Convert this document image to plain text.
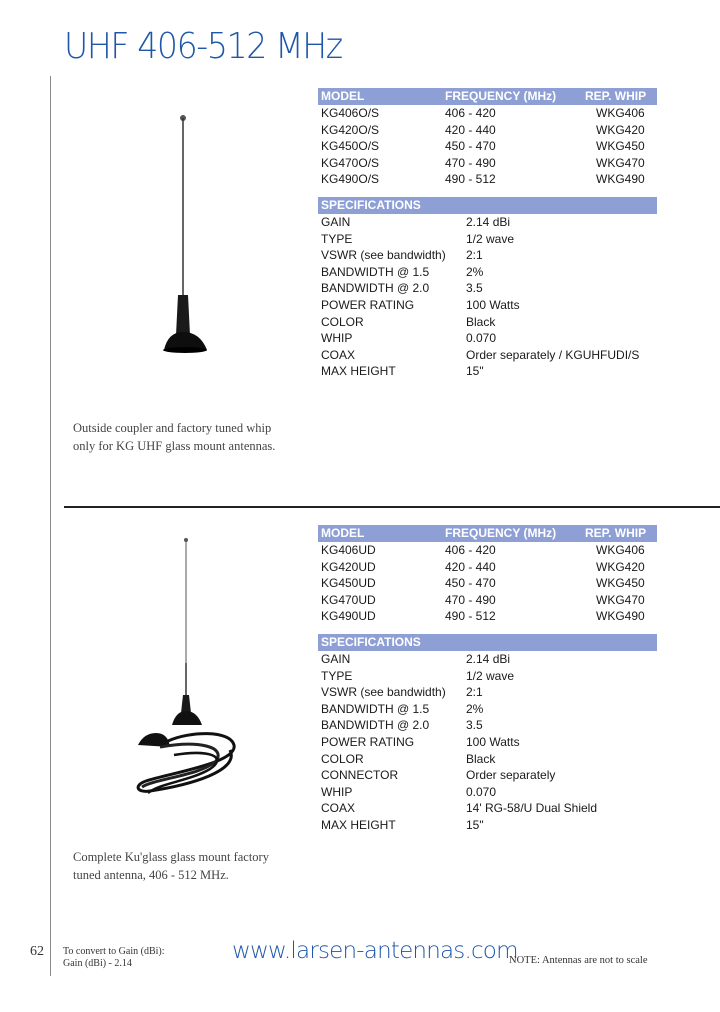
UHF 406-512 MHz
MODEL	FREQUENCY (MHz) REP. WHIP
KG406O/S	406 - 420	WKG406
KG420O/S	420 - 440	WKG420
KG450O/S	450 - 470	WKG450
KG470O/S	470 - 490	WKG470
KG490O/S	490 - 512	WKG490
SPECIFICATIONS
GAIN	2.14 dBi
TYPE	1/2 wave
VSWR (see bandwidth) 2:1
BANDWIDTH @ 1.5	2%
BANDWIDTH @ 2.0	3.5
POWER RATING	100 Watts
COLOR	Black
WHIP	0.070
COAX	Order separately / KGUHFUDI/S
MAX HEIGHT	15"
Outside coupler and factory tuned whip
only for KG UHF glass mount antennas.
MODEL	FREQUENCY (MHz) REP. WHIP
KG406UD	406 - 420	WKG406
KG420UD	420 - 440	WKG420
KG450UD	450 - 470	WKG450
KG470UD	470 - 490	WKG470
KG490UD	490 - 512	WKG490
SPECIFICATIONS
GAIN	2.14 dBi
TYPE	1/2 wave
VSWR (see bandwidth) 2:1
BANDWIDTH @ 1.5	2%
BANDWIDTH @ 2.0	3.5
POWER RATING	100 Watts
COLOR	Black
CONNECTOR	Order separately
WHIP	0.070
COAX	14' RG-58/U Dual Shield
MAX HEIGHT	15"
Complete Ku'glass glass mount factory
tuned antenna, 406 - 512 MHz.
62 To convert to Gain (dBi):
Gain (dBi) - 2.14	www.larsen-antennas.com
NOTE: Antennas are not to scale
